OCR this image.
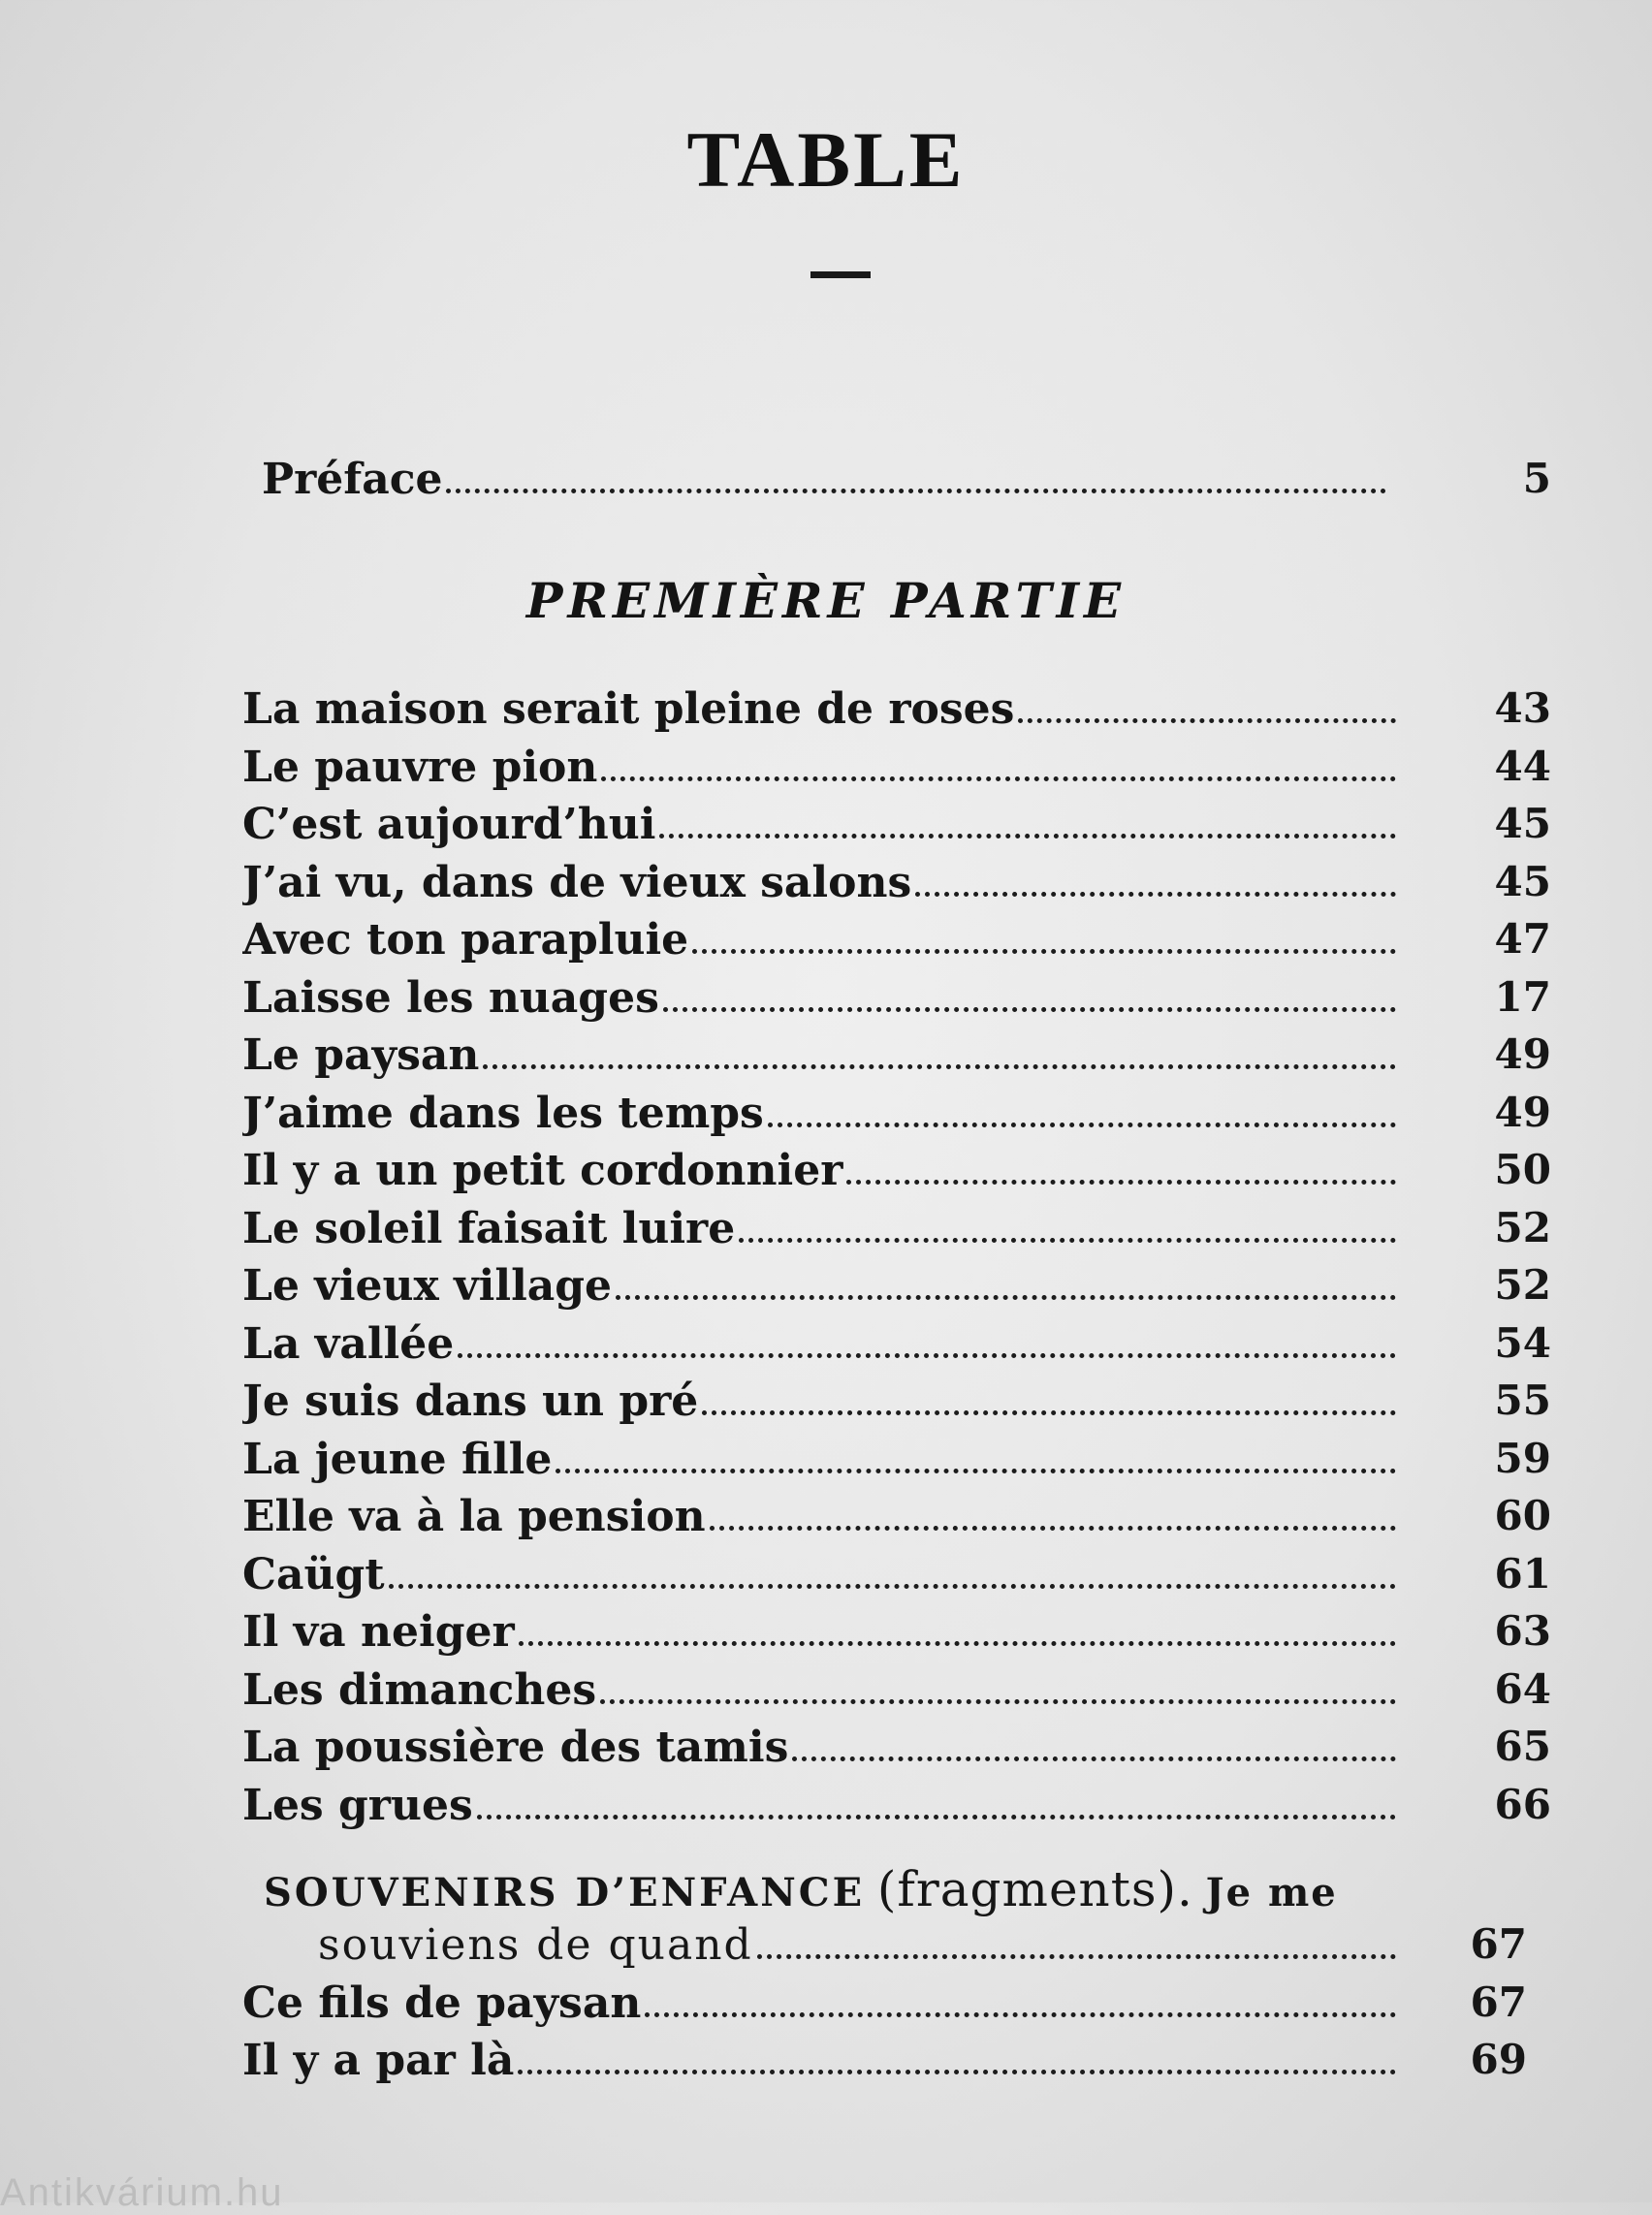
TABLE
Préface	5
PREMIÈRE PARTIE
La maison serait pleine de roses	43
Le pauvre pion	44
C’est aujourd’hui	45
J’ai vu, dans de vieux salons	45
Avec ton parapluie	47
Laisse les nuages	17
Le paysan	49
J’aime dans les temps	49
Il y a un petit cordonnier	50
Le soleil faisait luire	52
Le vieux village	52
La vallée	54
Je suis dans un pré	55
La jeune fille	59
Elle va à la pension	60
Caügt	61
Il va neiger	63
Les dimanches	64
La poussière des tamis	65
Les grues	66
SOUVENIRS D’ENFANCE (fragments). Je me
souviens de quand	67
Ce fils de paysan	67
Il y a par là	69
Antikvárium.hu
